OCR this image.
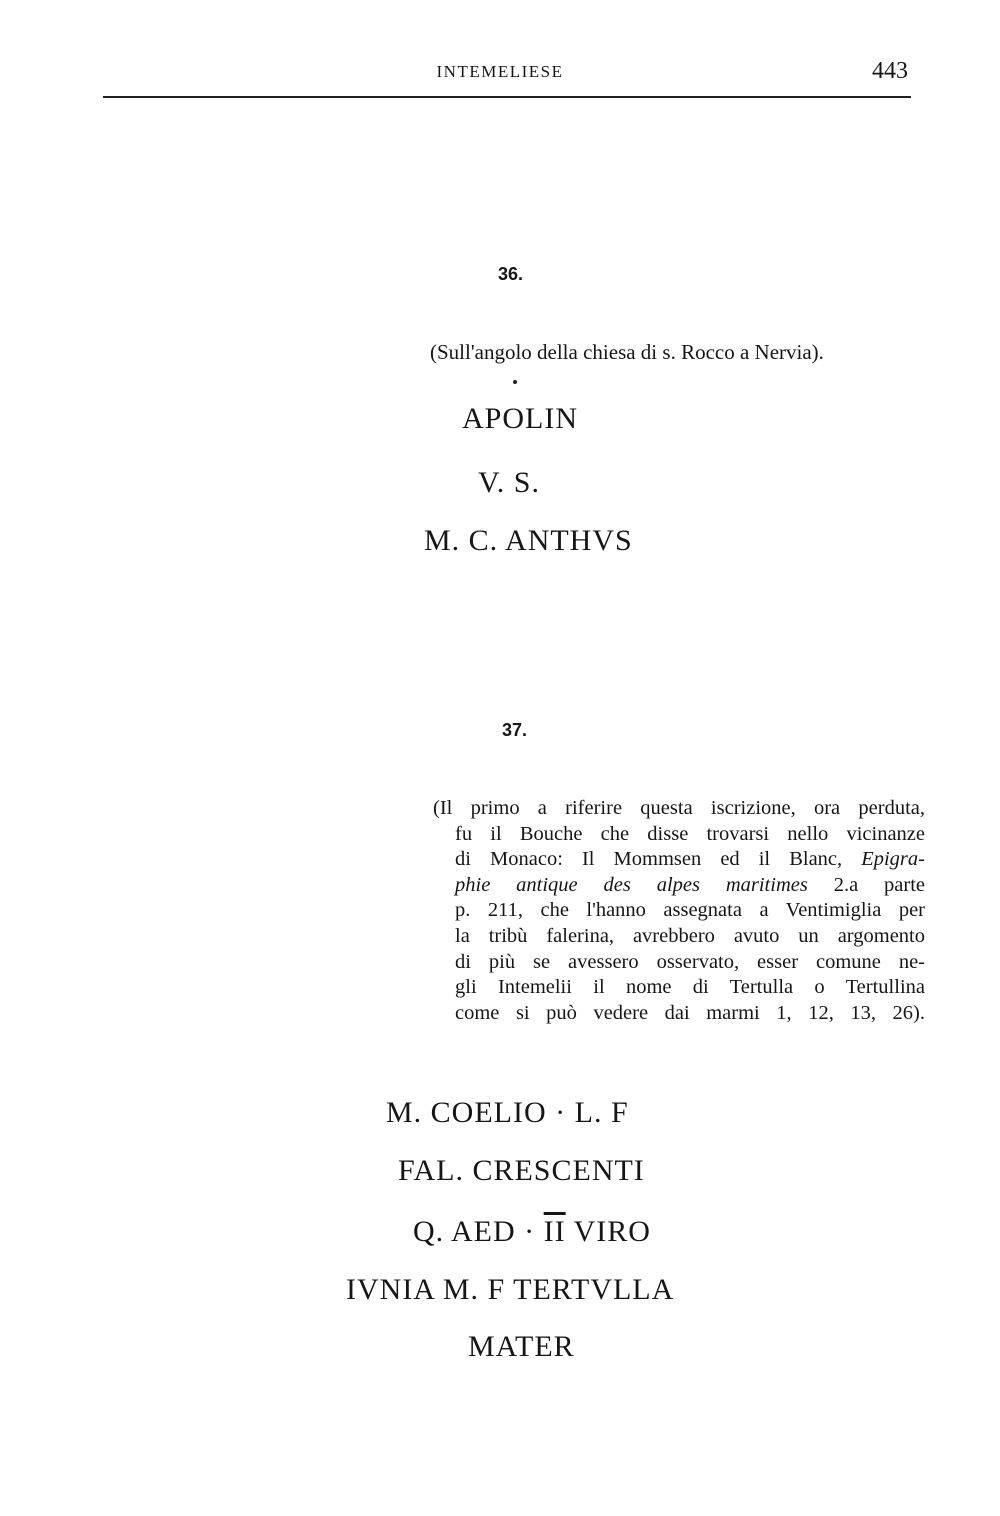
INTEMELIESE	443
36.
(Sull'angolo della chiesa di s. Rocco a Nervia).
APOLIN
V. S.
M. C. ANTHVS
37.
(Il primo a riferire questa iscrizione, ora perduta,
fu il Bouche che disse trovarsi nello vicinanze
di Monaco: Il Mommsen ed il Blanc, Epigra-
phie antique des alpes maritimes 2.a parte
p. 211, che l'hanno assegnata a Ventimiglia per
la tribù falerina, avrebbero avuto un argomento
di più se avessero osservato, esser comune ne-
gli Intemelii il nome di Tertulla o Tertullina
come si può vedere dai marmi 1, 12, 13, 26).
M. COELIO · L. F
FAL. CRESCENTI
Q. AED · $\overline{II}$ VIRO
IVNIA M. F TERTVLLA
MATER
